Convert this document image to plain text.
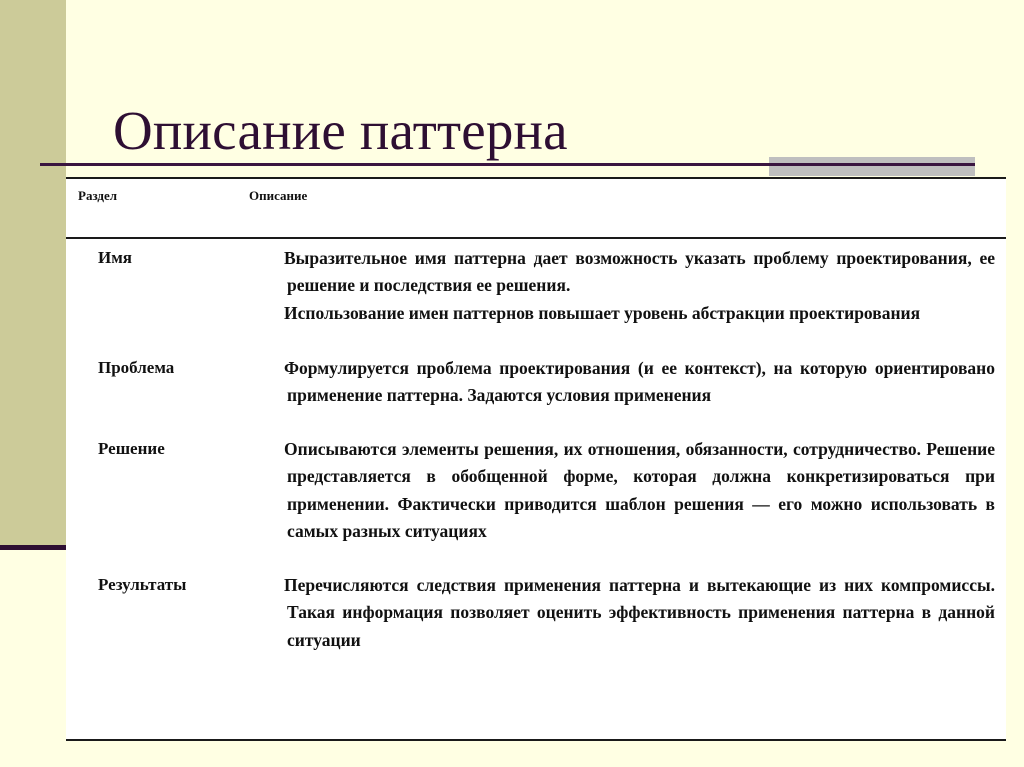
Описание паттерна
Раздел	Описание
Имя	Выразительное имя паттерна дает возможность указать проблему проектирования, ее решение и последствия ее решения.

Использование имен паттернов повышает уровень абстракции проектирования

Проблема	Формулируется проблема проектирования (и ее контекст), на которую ориентировано применение паттерна. Задаются условия применения

Решение	Описываются элементы решения, их отношения, обязанности, сотрудничество. Решение представляется в обобщенной форме, которая должна конкретизироваться при применении. Фактически приводится шаблон решения — его можно использовать в самых разных ситуациях

Результаты	Перечисляются следствия применения паттерна и вытекающие из них компромиссы. Такая информация позволяет оценить эффективность применения паттерна в данной ситуации
